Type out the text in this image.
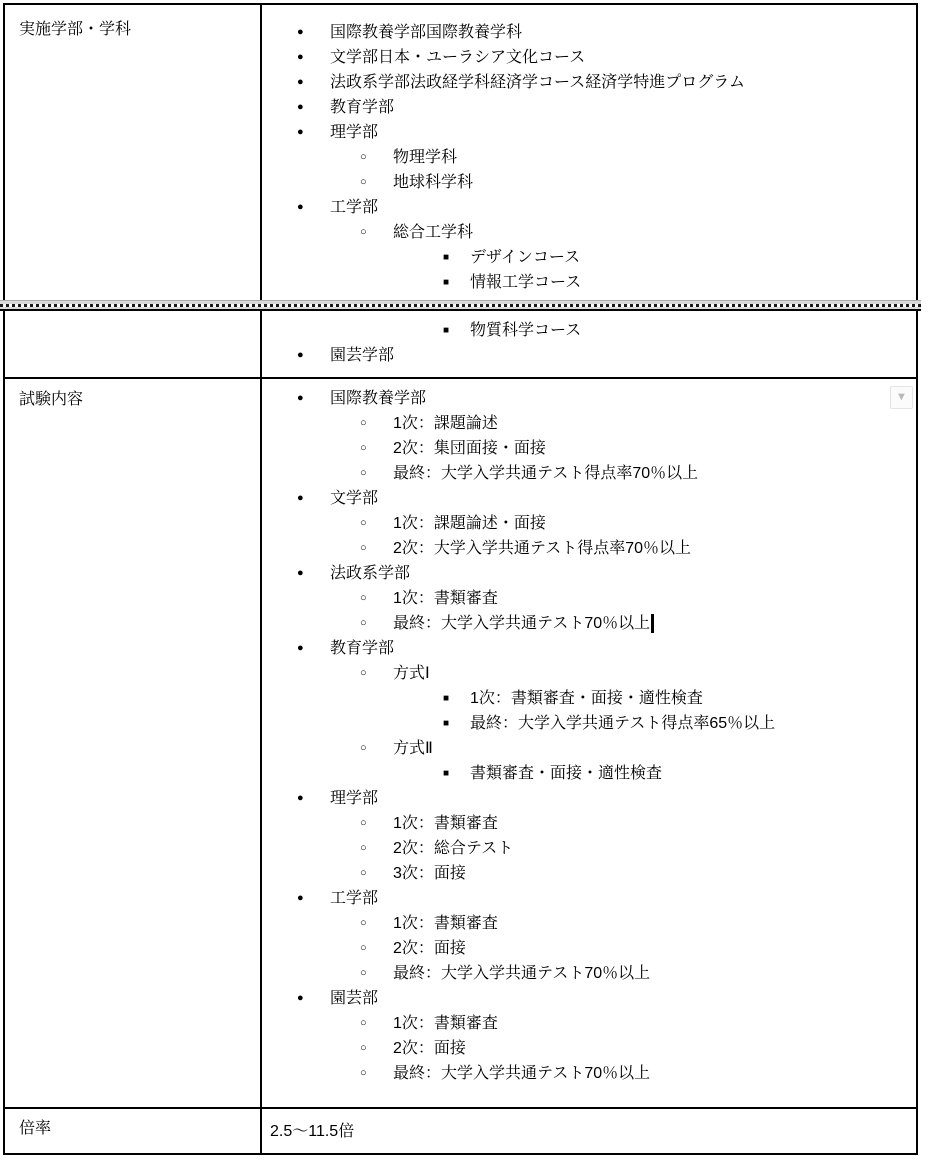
実施学部・学科	●	国際教養学部国際教養学科
●	文学部日本・ユーラシア文化コース
●	法政系学部法政経学科経済学コース経済学特進プログラム
●	教育学部
●	理学部
○	物理学科
○	地球科学科
●	工学部
○	総合工学科
■	デザインコース
■	情報工学コース
■	物質科学コース
●	園芸学部
試験内容	▼
●	国際教養学部
○	1次：課題論述
○	2次：集団面接・面接
○	最終：大学入学共通テスト得点率70％以上
●	文学部
○	1次：課題論述・面接
○	2次：大学入学共通テスト得点率70％以上
●	法政系学部
○	1次：書類審査
○	最終：大学入学共通テスト70％以上
●	教育学部
○	方式Ⅰ
■	1次：書類審査・面接・適性検査
■	最終：大学入学共通テスト得点率65％以上
○	方式Ⅱ
■	書類審査・面接・適性検査
●	理学部
○	1次：書類審査
○	2次：総合テスト
○	3次：面接
●	工学部
○	1次：書類審査
○	2次：面接
○	最終：大学入学共通テスト70％以上
●	園芸部
○	1次：書類審査
○	2次：面接
○	最終：大学入学共通テスト70％以上
倍率	2.5〜11.5倍
